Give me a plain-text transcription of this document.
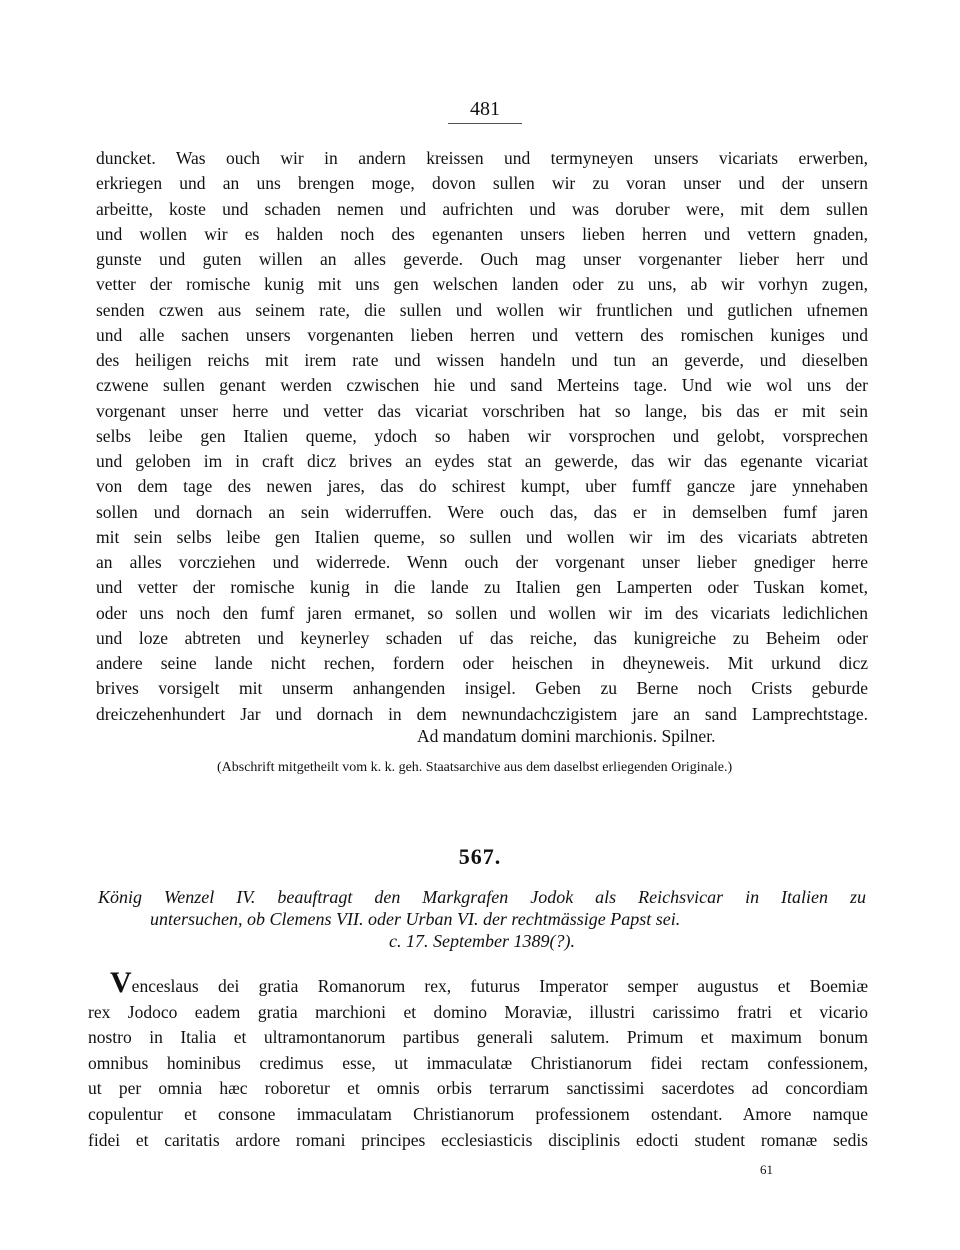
481
duncket. Was ouch wir in andern kreissen und termyneyen unsers vicariats erwerben,
erkriegen und an uns brengen moge, dovon sullen wir zu voran unser und der unsern
arbeitte, koste und schaden nemen und aufrichten und was doruber were, mit dem sullen
und wollen wir es halden noch des egenanten unsers lieben herren und vettern gnaden,
gunste und guten willen an alles geverde. Ouch mag unser vorgenanter lieber herr und
vetter der romische kunig mit uns gen welschen landen oder zu uns, ab wir vorhyn zugen,
senden czwen aus seinem rate, die sullen und wollen wir fruntlichen und gutlichen ufnemen
und alle sachen unsers vorgenanten lieben herren und vettern des romischen kuniges und
des heiligen reichs mit irem rate und wissen handeln und tun an geverde, und dieselben
czwene sullen genant werden czwischen hie und sand Merteins tage. Und wie wol uns der
vorgenant unser herre und vetter das vicariat vorschriben hat so lange, bis das er mit sein
selbs leibe gen Italien queme, ydoch so haben wir vorsprochen und gelobt, vorsprechen
und geloben im in craft dicz brives an eydes stat an gewerde, das wir das egenante vicariat
von dem tage des newen jares, das do schirest kumpt, uber fumff gancze jare ynnehaben
sollen und dornach an sein widerruffen. Were ouch das, das er in demselben fumf jaren
mit sein selbs leibe gen Italien queme, so sullen und wollen wir im des vicariats abtreten
an alles vorcziehen und widerrede. Wenn ouch der vorgenant unser lieber gnediger herre
und vetter der romische kunig in die lande zu Italien gen Lamperten oder Tuskan komet,
oder uns noch den fumf jaren ermanet, so sollen und wollen wir im des vicariats ledichlichen
und loze abtreten und keynerley schaden uf das reiche, das kunigreiche zu Beheim oder
andere seine lande nicht rechen, fordern oder heischen in dheyneweis. Mit urkund dicz
brives vorsigelt mit unserm anhangenden insigel. Geben zu Berne noch Crists geburde
dreiczehenhundert Jar und dornach in dem newnundachczigistem jare an sand Lamprechtstage.
Ad mandatum domini marchionis. Spilner.
(Abschrift mitgetheilt vom k. k. geh. Staatsarchive aus dem daselbst erliegenden Originale.)
567.
König Wenzel IV. beauftragt den Markgrafen Jodok als Reichsvicar in Italien zu
untersuchen, ob Clemens VII. oder Urban VI. der rechtmässige Papst sei.
c. 17. September 1389(?).
Venceslaus dei gratia Romanorum rex, futurus Imperator semper augustus et Boemiæ
rex Jodoco eadem gratia marchioni et domino Moraviæ, illustri carissimo fratri et vicario
nostro in Italia et ultramontanorum partibus generali salutem. Primum et maximum bonum
omnibus hominibus credimus esse, ut immaculatæ Christianorum fidei rectam confessionem,
ut per omnia hæc roboretur et omnis orbis terrarum sanctissimi sacerdotes ad concordiam
copulentur et consone immaculatam Christianorum professionem ostendant. Amore namque
fidei et caritatis ardore romani principes ecclesiasticis disciplinis edocti student romanæ sedis
61
